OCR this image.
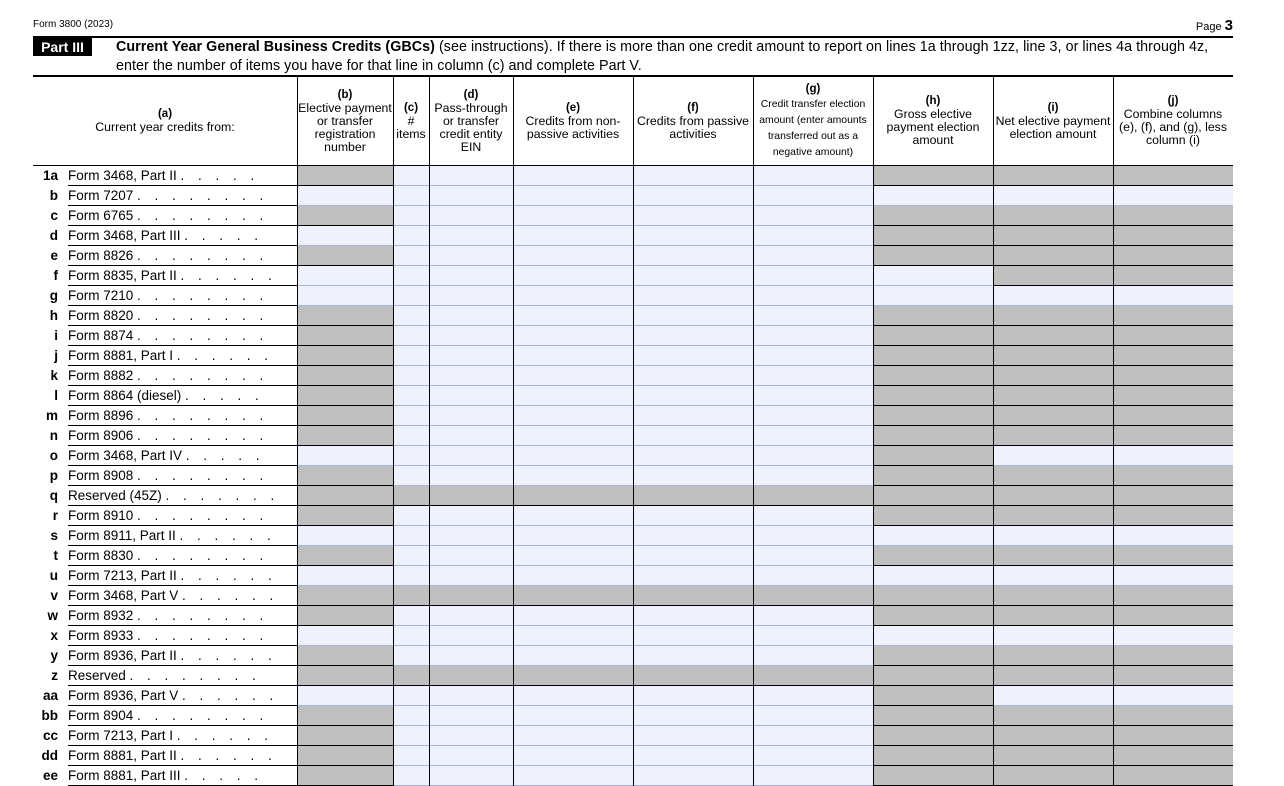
Form 3800 (2023)	Page 3
Part III	Current Year General Business Credits (GBCs) (see instructions). If there is more than one credit amount to report on lines 1a through 1zz, line 3, or lines 4a through 4z, enter the number of items you have for that line in column (c) and complete Part V.
(a)
Current year credits from:
(b)
Elective payment or transfer registration number
(c)
# items
(d)
Pass-through or transfer credit entity EIN
(e)
Credits from non-passive activities
(f)
Credits from passive activities
(g)
Credit transfer election amount (enter amounts transferred out as a negative amount)
(h)
Gross elective payment election amount
(i)
Net elective payment election amount
(j)
Combine columns (e), (f), and (g), less column (i)
1a Form 3468, Part II . . . . .
b Form 7207 . . . . . . . .
c Form 6765 . . . . . . . .
d Form 3468, Part III . . . . .
e Form 8826 . . . . . . . .
f Form 8835, Part II . . . . . .
g Form 7210 . . . . . . . .
h Form 8820 . . . . . . . .
i Form 8874 . . . . . . . .
j Form 8881, Part I . . . . . .
k Form 8882 . . . . . . . .
l Form 8864 (diesel) . . . . .
m Form 8896 . . . . . . . .
n Form 8906 . . . . . . . .
o Form 3468, Part IV . . . . .
p Form 8908 . . . . . . . .
q Reserved (45Z) . . . . . . .
r Form 8910 . . . . . . . .
s Form 8911, Part II . . . . . .
t Form 8830 . . . . . . . .
u Form 7213, Part II . . . . . .
v Form 3468, Part V . . . . . .
w Form 8932 . . . . . . . .
x Form 8933 . . . . . . . .
y Form 8936, Part II . . . . . .
z Reserved . . . . . . . .
aa Form 8936, Part V . . . . . .
bb Form 8904 . . . . . . . .
cc Form 7213, Part I . . . . . .
dd Form 8881, Part II . . . . . .
ee Form 8881, Part III . . . . .
